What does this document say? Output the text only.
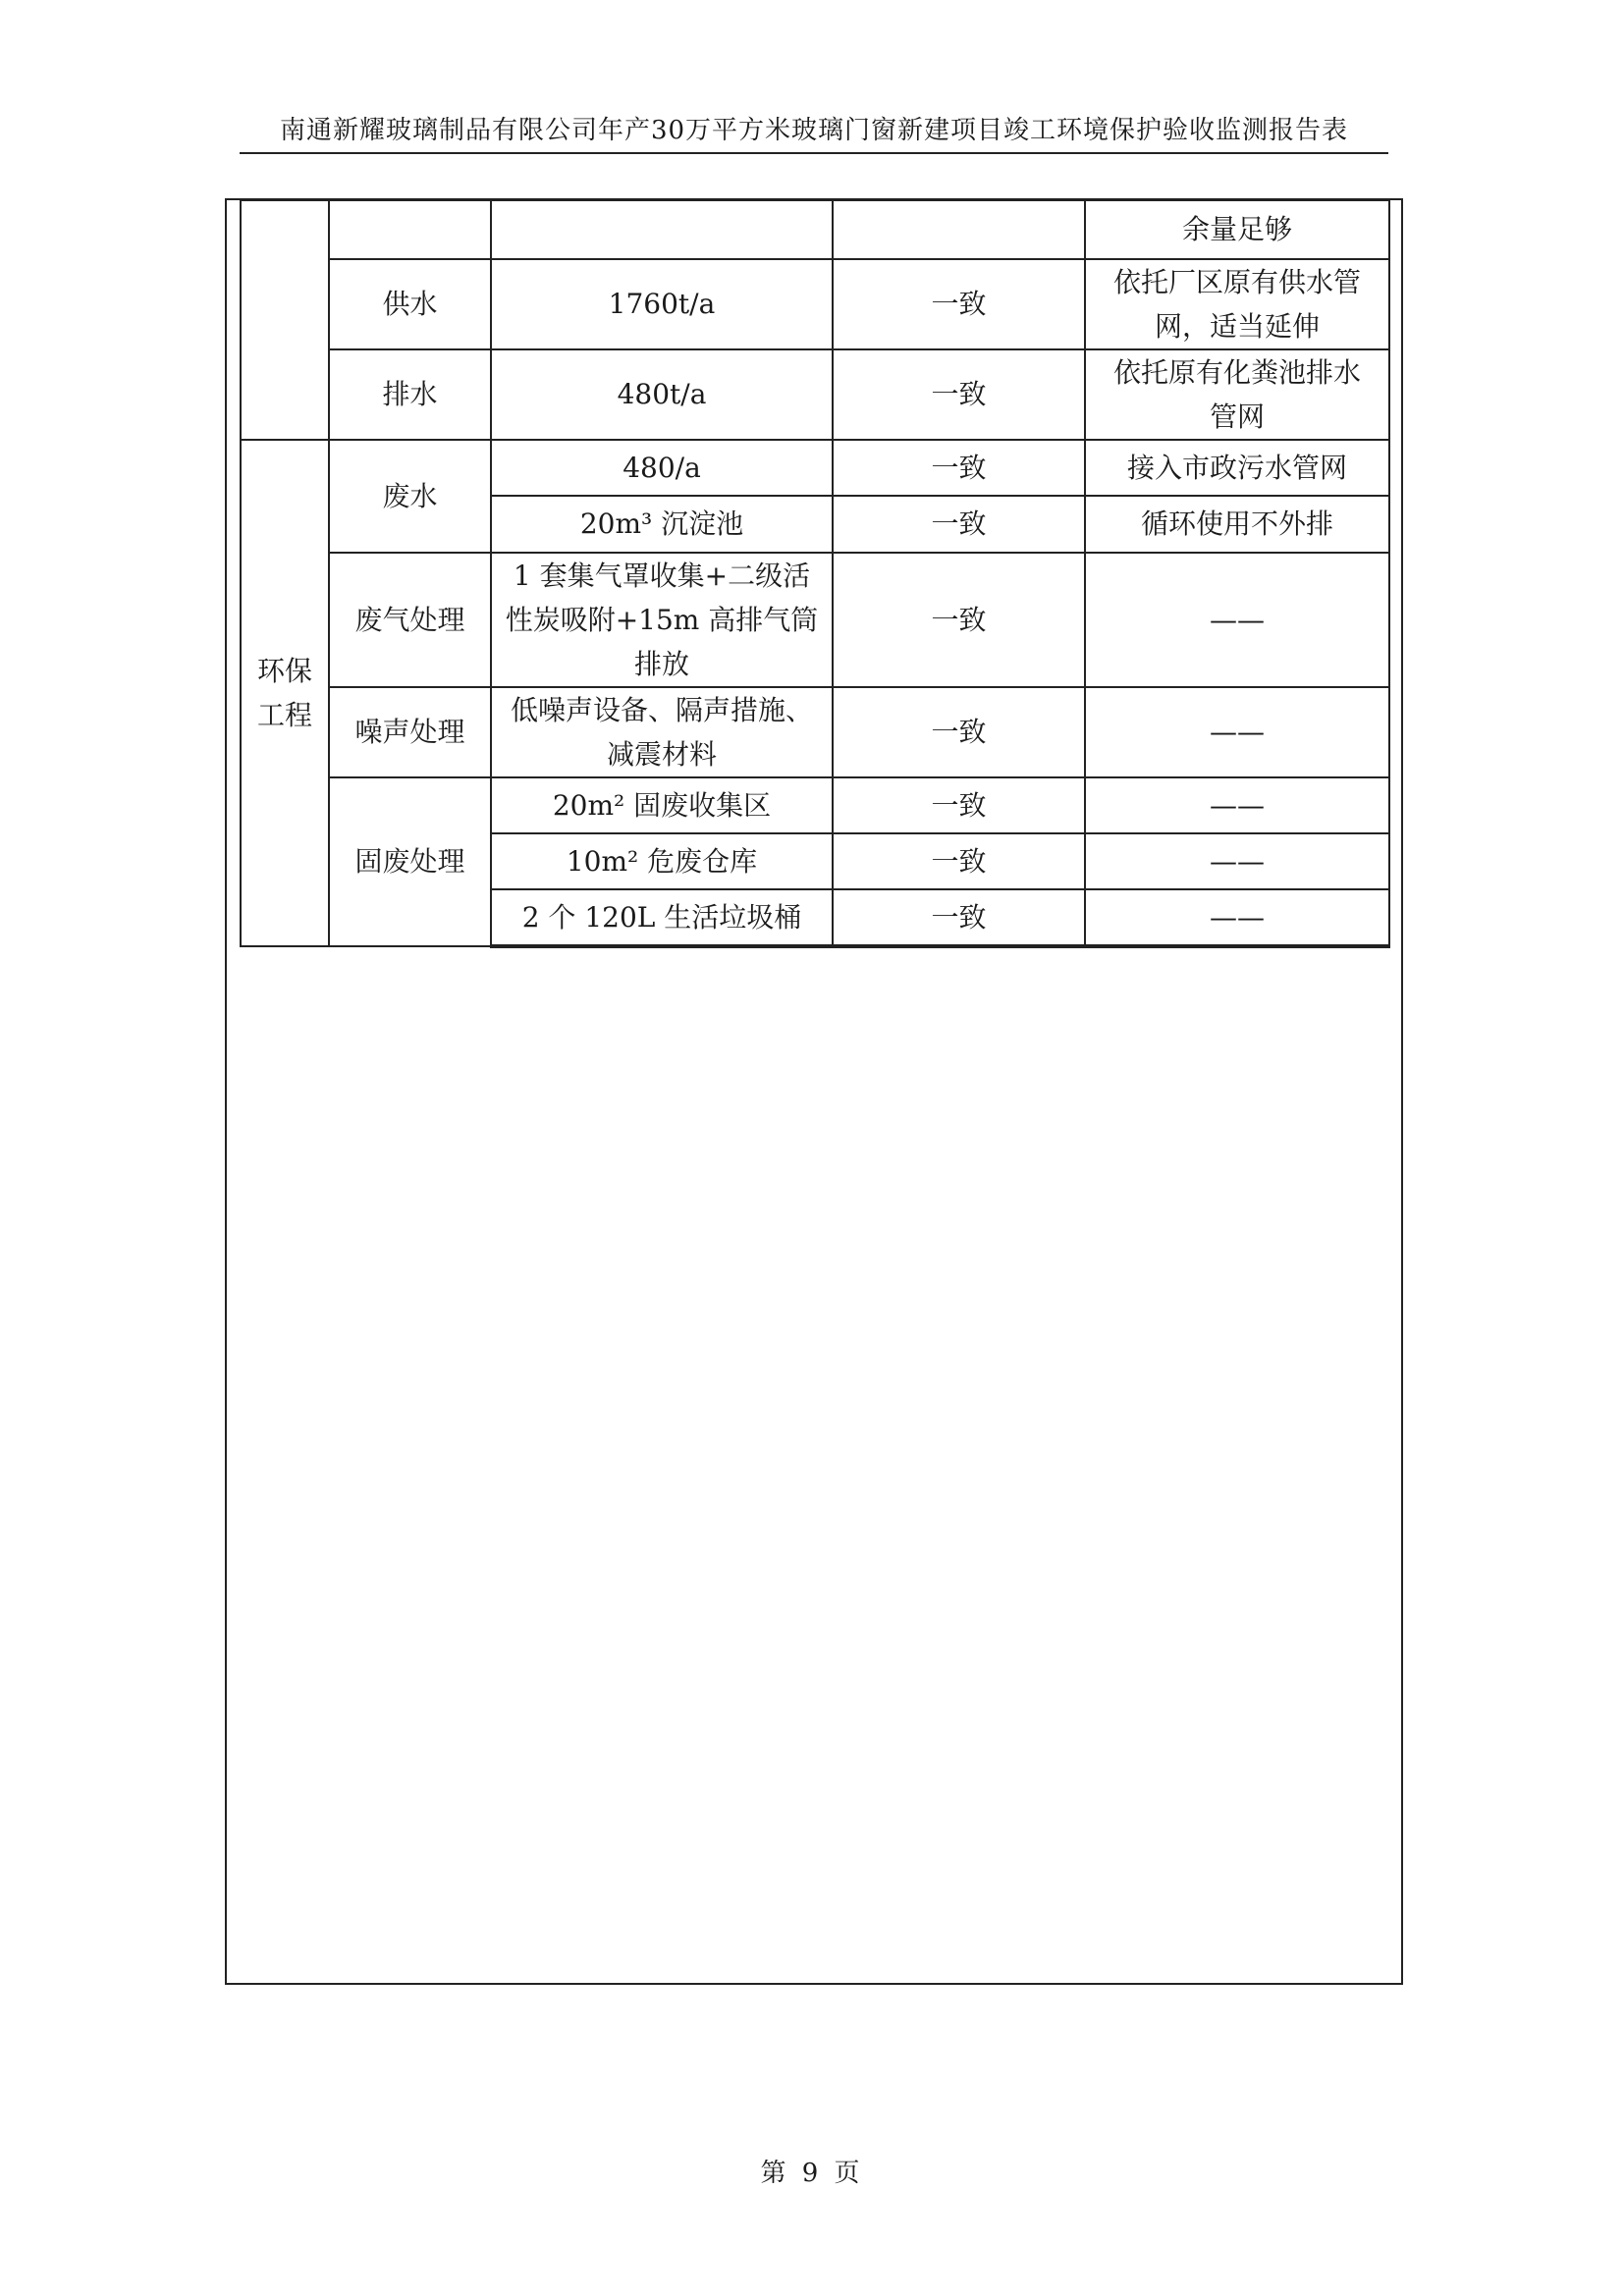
南通新耀玻璃制品有限公司年产30万平方米玻璃门窗新建项目竣工环境保护验收监测报告表
				余量足够
	供水	1760t/a	一致	依托厂区原有供水管
网，适当延伸

	排水	480t/a	一致	依托原有化粪池排水
管网

环保
工程	废水	480/a	一致	接入市政污水管网
		20m³ 沉淀池	一致	循环使用不外排
	废气处理	1 套集气罩收集+二级活
性炭吸附+15m 高排气筒
排放	一致	——
	噪声处理	低噪声设备、隔声措施、
减震材料	一致	——
	固废处理	20m² 固废收集区	一致	——
		10m² 危废仓库	一致	——
		2 个 120L 生活垃圾桶	一致	——
第 9 页
